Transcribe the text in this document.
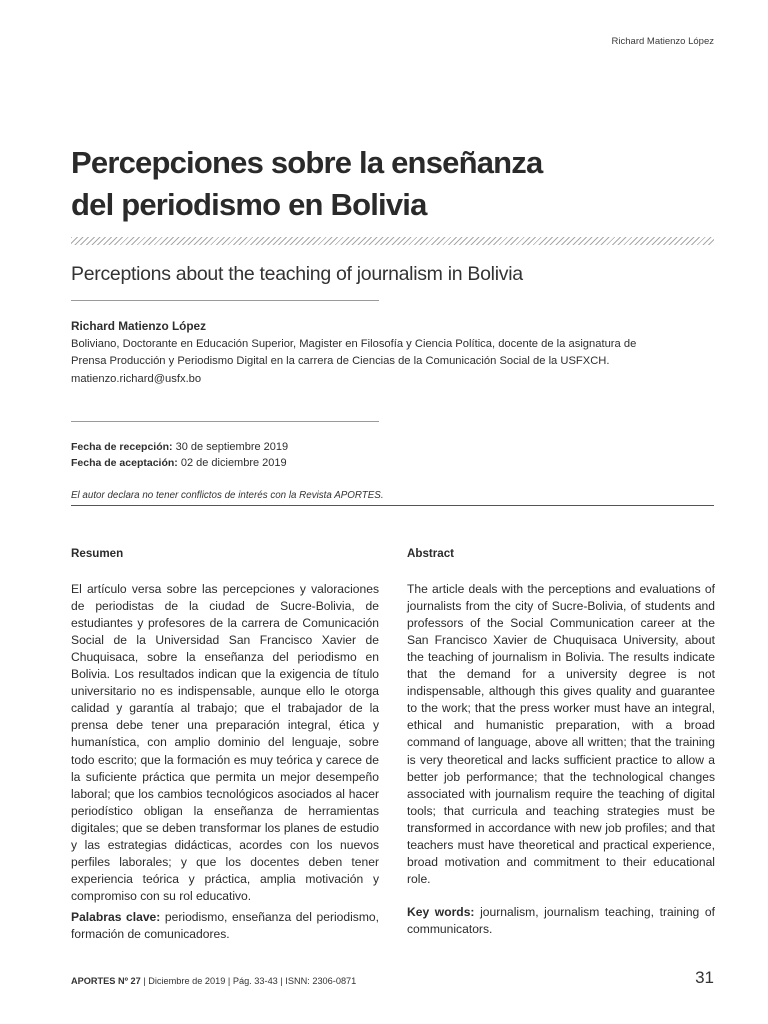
Richard Matienzo López
Percepciones sobre la enseñanza
del periodismo en Bolivia
Perceptions about the teaching of journalism in Bolivia
Richard Matienzo López
Boliviano, Doctorante en Educación Superior, Magister en Filosofía y Ciencia Política, docente de la asignatura de Prensa Producción y Periodismo Digital en la carrera de Ciencias de la Comunicación Social de la USFXCH.
matienzo.richard@usfx.bo
Fecha de recepción: 30 de septiembre 2019
Fecha de aceptación: 02 de diciembre 2019
El autor declara no tener conflictos de interés con la Revista APORTES.
Resumen

El artículo versa sobre las percepciones y valoraciones de periodistas de la ciudad de Sucre-Bolivia, de estudiantes y profesores de la carrera de Comunicación Social de la Universidad San Francisco Xavier de Chuquisaca, sobre la enseñanza del periodismo en Bolivia. Los resultados indican que la exigencia de título universitario no es indispensable, aunque ello le otorga calidad y garantía al trabajo; que el trabajador de la prensa debe tener una preparación integral, ética y humanística, con amplio dominio del lenguaje, sobre todo escrito; que la formación es muy teórica y carece de la suficiente práctica que permita un mejor desempeño laboral; que los cambios tecnológicos asociados al hacer periodístico obligan la enseñanza de herramientas digitales; que se deben transformar los planes de estudio y las estrategias didácticas, acordes con los nuevos perfiles laborales; y que los docentes deben tener experiencia teórica y práctica, amplia motivación y compromiso con su rol educativo.

Palabras clave: periodismo, enseñanza del periodismo, formación de comunicadores.

Abstract

The article deals with the perceptions and evaluations of journalists from the city of Sucre-Bolivia, of students and professors of the Social Communication career at the San Francisco Xavier de Chuquisaca University, about the teaching of journalism in Bolivia. The results indicate that the demand for a university degree is not indispensable, although this gives quality and guarantee to the work; that the press worker must have an integral, ethical and humanistic preparation, with a broad command of language, above all written; that the training is very theoretical and lacks sufficient practice to allow a better job performance; that the technological changes associated with journalism require the teaching of digital tools; that curricula and teaching strategies must be transformed in accordance with new job profiles; and that teachers must have theoretical and practical experience, broad motivation and commitment to their educational role.

Key words: journalism, journalism teaching, training of communicators.

APORTES Nº 27 | Diciembre de 2019 | Pág. 33-43 | ISNN: 2306-0871	31
